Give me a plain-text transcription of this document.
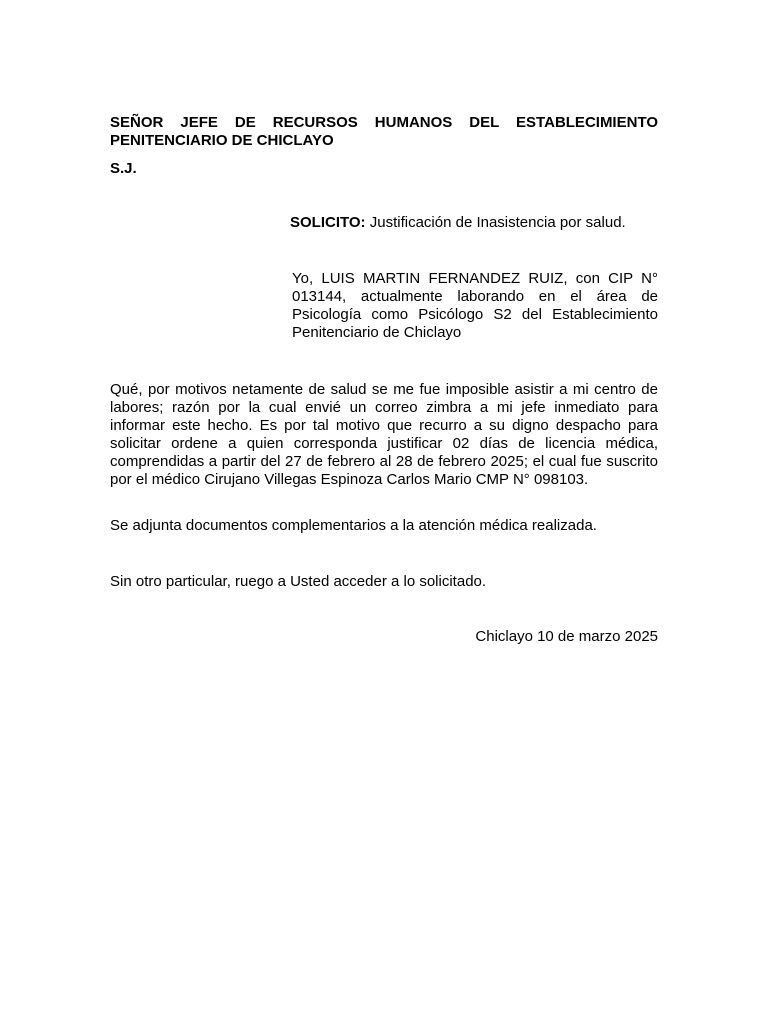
SEÑOR JEFE DE RECURSOS HUMANOS DEL ESTABLECIMIENTO PENITENCIARIO DE CHICLAYO

S.J.

SOLICITO: Justificación de Inasistencia por salud.

Yo, LUIS MARTIN FERNANDEZ RUIZ, con CIP N° 013144, actualmente laborando en el área de Psicología como Psicólogo S2 del Establecimiento Penitenciario de Chiclayo

Qué, por motivos netamente de salud se me fue imposible asistir a mi centro de labores; razón por la cual envié un correo zimbra a mi jefe inmediato para informar este hecho. Es por tal motivo que recurro a su digno despacho para solicitar ordene a quien corresponda justificar 02 días de licencia médica, comprendidas a partir del 27 de febrero al 28 de febrero 2025; el cual fue suscrito por el médico Cirujano Villegas Espinoza Carlos Mario CMP N° 098103.

Se adjunta documentos complementarios a la atención médica realizada.

Sin otro particular, ruego a Usted acceder a lo solicitado.

Chiclayo 10 de marzo 2025
